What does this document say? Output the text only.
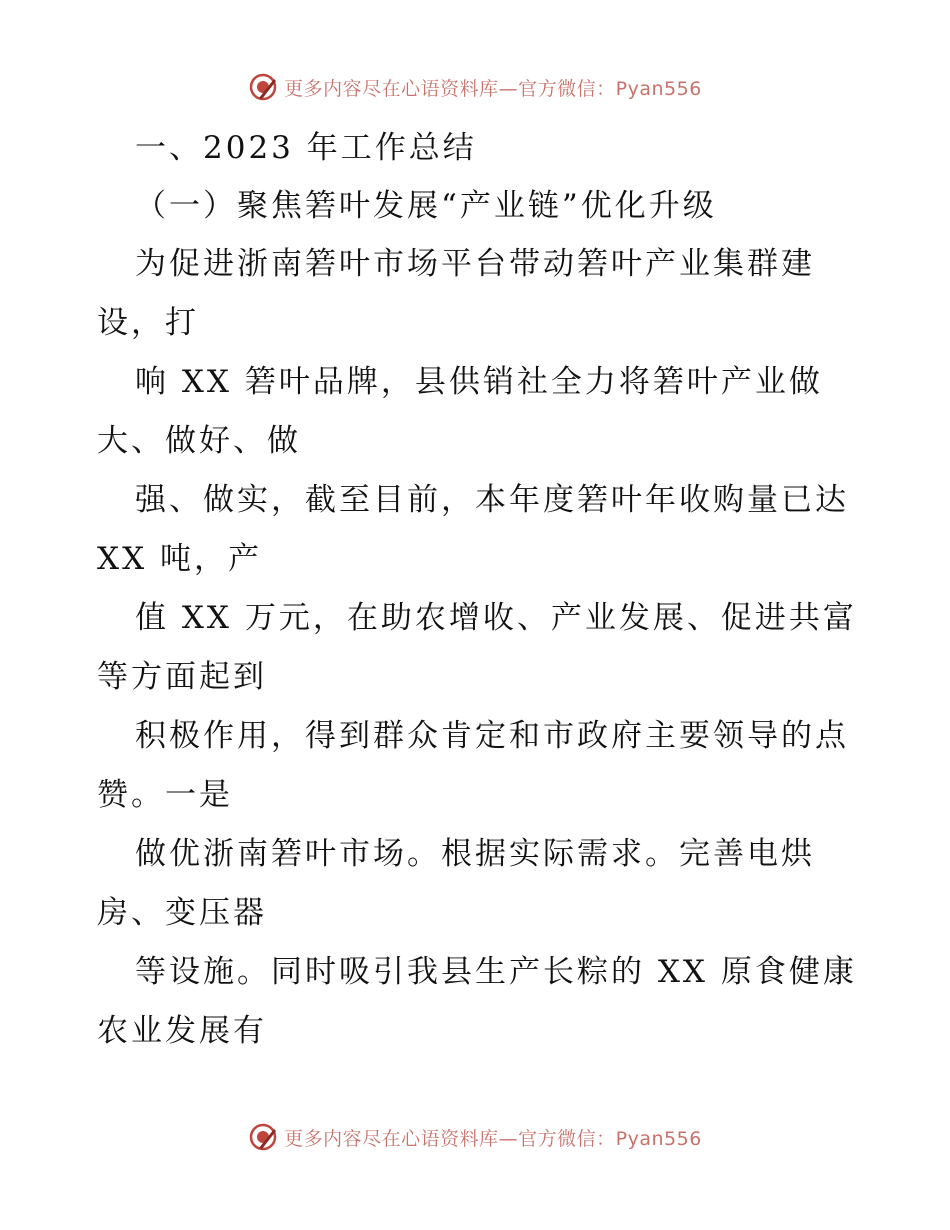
更多内容尽在心语资料库—官方微信：Pyan556
一、2023 年工作总结
（一）聚焦箬叶发展“产业链”优化升级
为促进浙南箬叶市场平台带动箬叶产业集群建
设，打
响 XX 箬叶品牌，县供销社全力将箬叶产业做
大、做好、做
强、做实，截至目前，本年度箬叶年收购量已达
XX 吨，产
值 XX 万元，在助农增收、产业发展、促进共富
等方面起到
积极作用，得到群众肯定和市政府主要领导的点
赞。一是
做优浙南箬叶市场。根据实际需求。完善电烘
房、变压器
等设施。同时吸引我县生产长粽的 XX 原食健康
农业发展有
更多内容尽在心语资料库—官方微信：Pyan556
